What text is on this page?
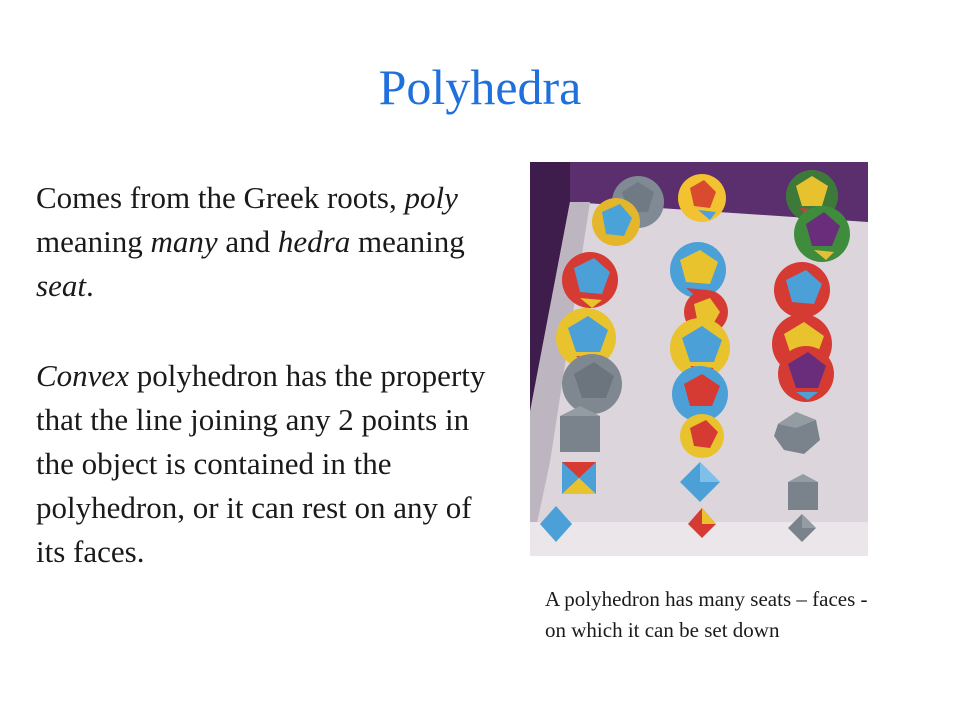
Polyhedra

Comes from the Greek roots, poly meaning many and hedra meaning seat.

Convex polyhedron has the property that the line joining any 2 points in the object is contained in the polyhedron, or it can rest on any of its faces.

A polyhedron has many seats – faces - on which it can be set down
